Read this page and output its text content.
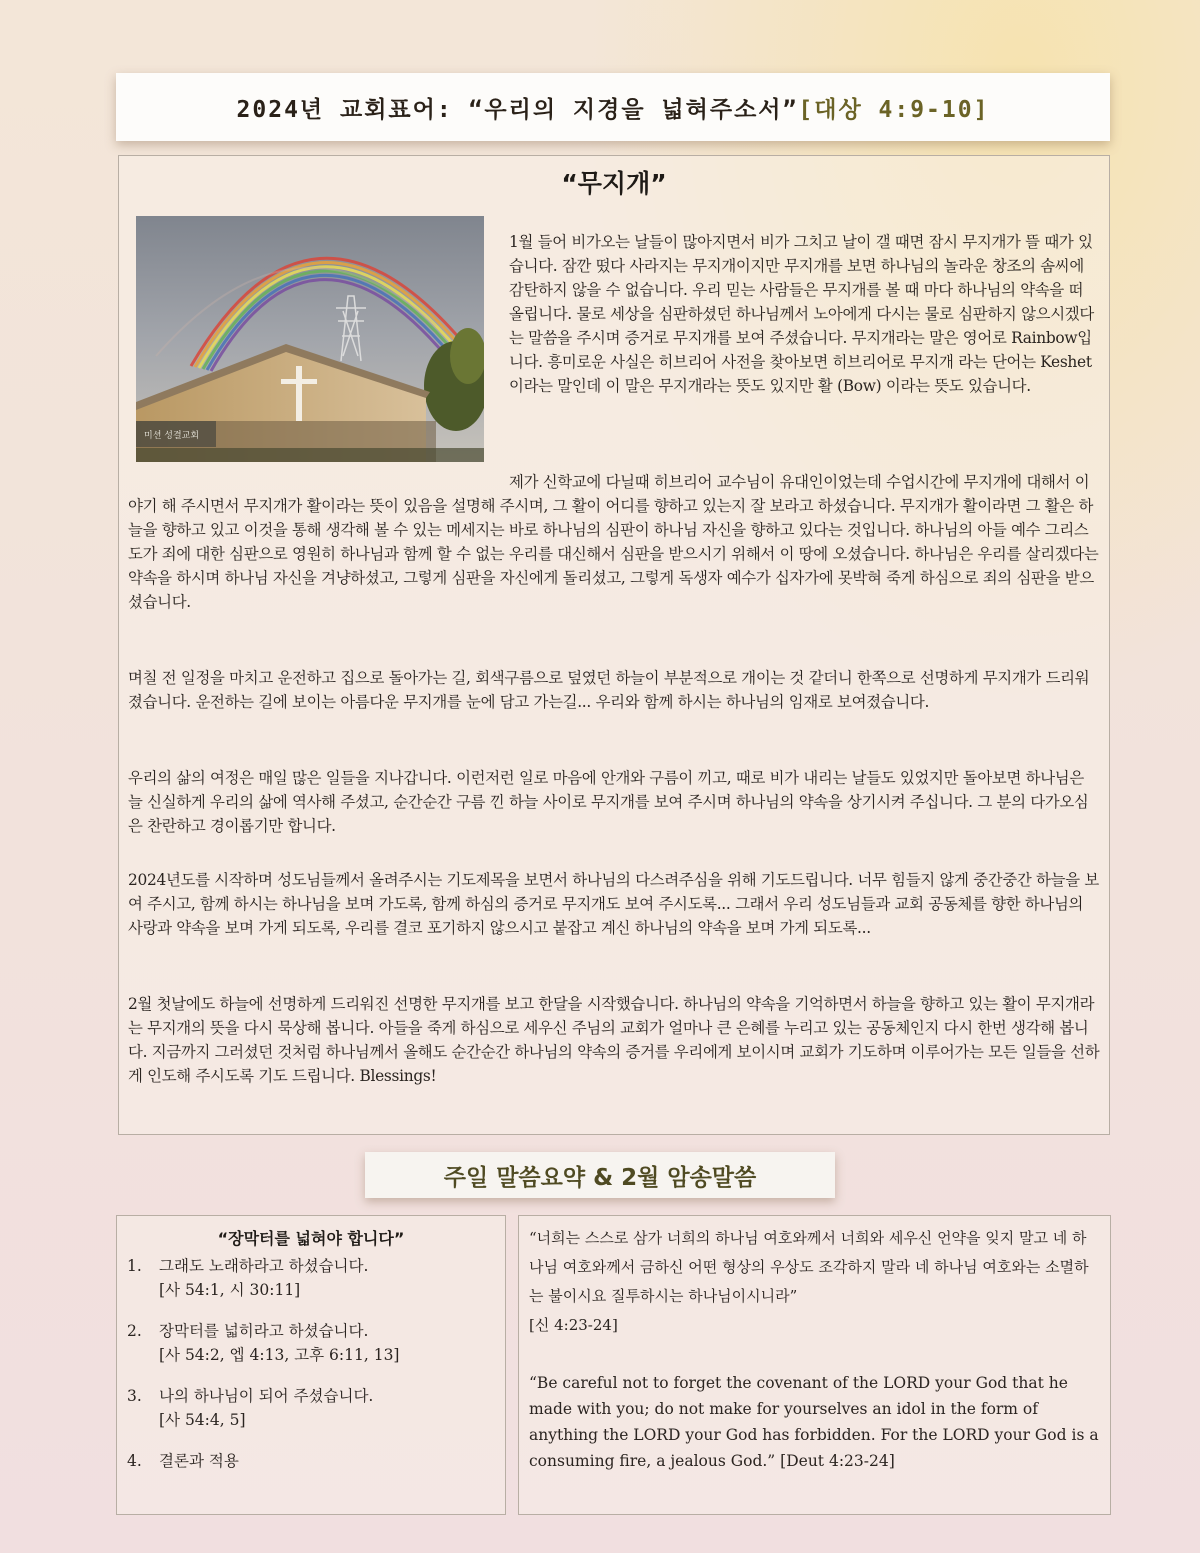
2024년 교회표어: “우리의 지경을 넓혀주소서”[대상 4:9-10]
“무지개”
미션 성결교회

1월 들어 비가오는 날들이 많아지면서 비가 그치고 날이 갤 때면 잠시 무지개가 뜰 때가 있습니다. 잠깐 떴다 사라지는 무지개이지만 무지개를 보면 하나님의 놀라운 창조의 솜씨에 감탄하지 않을 수 없습니다. 우리 믿는 사람들은 무지개를 볼 때 마다 하나님의 약속을 떠올립니다. 물로 세상을 심판하셨던 하나님께서 노아에게 다시는 물로 심판하지 않으시겠다는 말씀을 주시며 증거로 무지개를 보여 주셨습니다. 무지개라는 말은 영어로 Rainbow입니다. 흥미로운 사실은 히브리어 사전을 찾아보면 히브리어로 무지개 라는 단어는 Keshet 이라는 말인데 이 말은 무지개라는 뜻도 있지만 활 (Bow) 이라는 뜻도 있습니다.

제가 신학교에 다닐때 히브리어 교수님이 유대인이었는데 수업시간에 무지개에 대해서 이야기 해 주시면서 무지개가 활이라는 뜻이 있음을 설명해 주시며, 그 활이 어디를 향하고 있는지 잘 보라고 하셨습니다. 무지개가 활이라면 그 활은 하늘을 향하고 있고 이것을 통해 생각해 볼 수 있는 메세지는 바로 하나님의 심판이 하나님 자신을 향하고 있다는 것입니다. 하나님의 아들 예수 그리스도가 죄에 대한 심판으로 영원히 하나님과 함께 할 수 없는 우리를 대신해서 심판을 받으시기 위해서 이 땅에 오셨습니다. 하나님은 우리를 살리겠다는 약속을 하시며 하나님 자신을 겨냥하셨고, 그렇게 심판을 자신에게 돌리셨고, 그렇게 독생자 예수가 십자가에 못박혀 죽게 하심으로 죄의 심판을 받으셨습니다.

며칠 전 일정을 마치고 운전하고 집으로 돌아가는 길, 회색구름으로 덮였던 하늘이 부분적으로 개이는 것 같더니 한쪽으로 선명하게 무지개가 드리워졌습니다. 운전하는 길에 보이는 아름다운 무지개를 눈에 담고 가는길... 우리와 함께 하시는 하나님의 임재로 보여졌습니다.

우리의 삶의 여정은 매일 많은 일들을 지나갑니다. 이런저런 일로 마음에 안개와 구름이 끼고, 때로 비가 내리는 날들도 있었지만 돌아보면 하나님은 늘 신실하게 우리의 삶에 역사해 주셨고, 순간순간 구름 낀 하늘 사이로 무지개를 보여 주시며 하나님의 약속을 상기시켜 주십니다. 그 분의 다가오심은 찬란하고 경이롭기만 합니다.

2024년도를 시작하며 성도님들께서 올려주시는 기도제목을 보면서 하나님의 다스려주심을 위해 기도드립니다. 너무 힘들지 않게 중간중간 하늘을 보여 주시고, 함께 하시는 하나님을 보며 가도록, 함께 하심의 증거로 무지개도 보여 주시도록... 그래서 우리 성도님들과 교회 공동체를 향한 하나님의 사랑과 약속을 보며 가게 되도록, 우리를 결코 포기하지 않으시고 붙잡고 계신 하나님의 약속을 보며 가게 되도록...

2월 첫날에도 하늘에 선명하게 드리워진 선명한 무지개를 보고 한달을 시작했습니다. 하나님의 약속을 기억하면서 하늘을 향하고 있는 활이 무지개라는 무지개의 뜻을 다시 묵상해 봅니다. 아들을 죽게 하심으로 세우신 주님의 교회가 얼마나 큰 은혜를 누리고 있는 공동체인지 다시 한번 생각해 봅니다. 지금까지 그러셨던 것처럼 하나님께서 올해도 순간순간 하나님의 약속의 증거를 우리에게 보이시며 교회가 기도하며 이루어가는 모든 일들을 선하게 인도해 주시도록 기도 드립니다. Blessings!

주일 말씀요약 & 2월 암송말씀
“장막터를 넓혀야 합니다”
1. 그래도 노래하라고 하셨습니다.
[사 54:1, 시 30:11]
2. 장막터를 넓히라고 하셨습니다.
[사 54:2, 엡 4:13, 고후 6:11, 13]
3. 나의 하나님이 되어 주셨습니다.
[사 54:4, 5]
4. 결론과 적용
“너희는 스스로 삼가 너희의 하나님 여호와께서 너희와 세우신 언약을 잊지 말고 네 하나님 여호와께서 금하신 어떤 형상의 우상도 조각하지 말라 네 하나님 여호와는 소멸하는 불이시요 질투하시는 하나님이시니라”
[신 4:23-24]
“Be careful not to forget the covenant of the LORD your God that he made with you; do not make for yourselves an idol in the form of anything the LORD your God has forbidden. For the LORD your God is a consuming fire, a jealous God.” [Deut 4:23-24]
